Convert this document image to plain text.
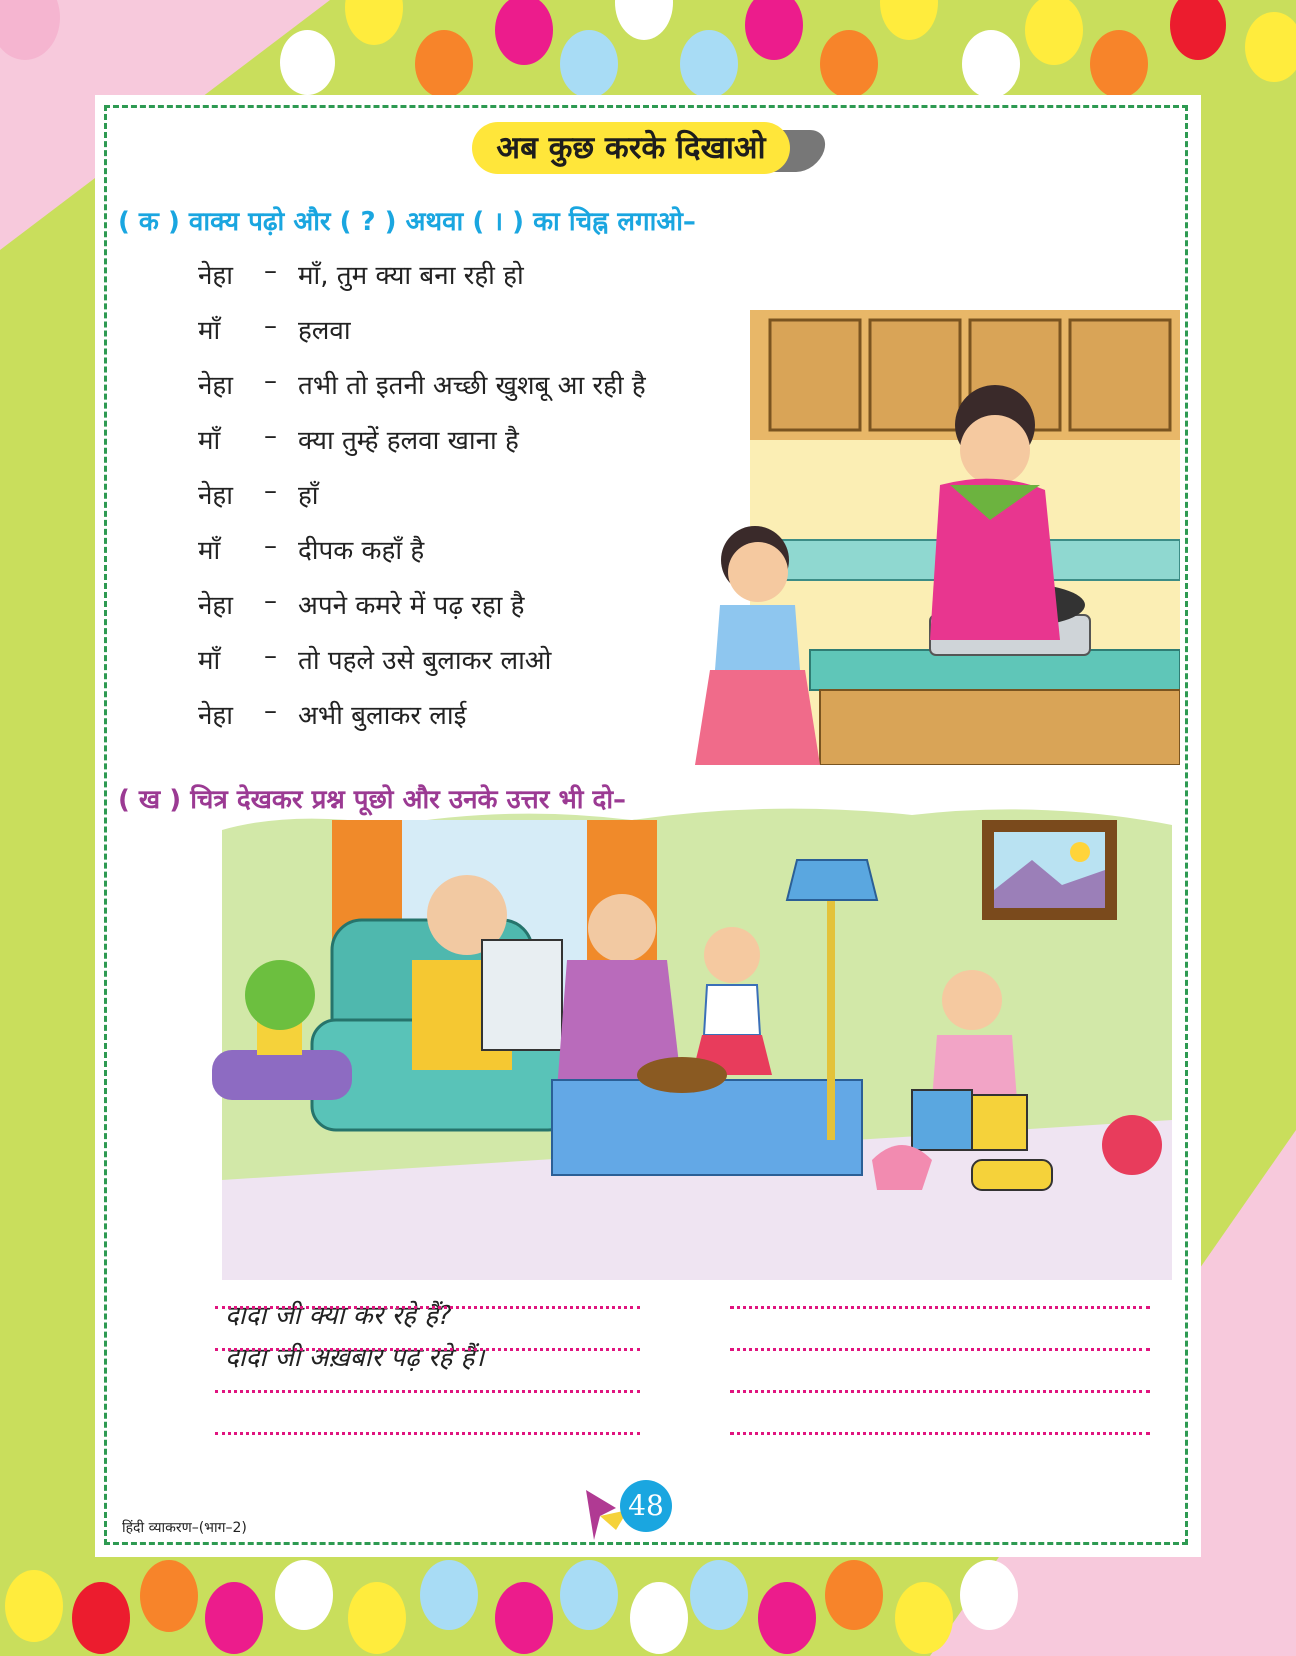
अब कुछ करके दिखाओ
( क ) वाक्य पढ़ो और ( ? ) अथवा ( । ) का चिह्न लगाओ–
नेहा – माँ, तुम क्या बना रही हो
माँ – हलवा
नेहा – तभी तो इतनी अच्छी खुशबू आ रही है
माँ – क्या तुम्हें हलवा खाना है
नेहा – हाँ
माँ – दीपक कहाँ है
नेहा – अपने कमरे में पढ़ रहा है
माँ – तो पहले उसे बुलाकर लाओ
नेहा – अभी बुलाकर लाई
( ख ) चित्र देखकर प्रश्न पूछो और उनके उत्तर भी दो–
दादा जी क्या कर रहे हैं?
दादा जी अख़बार पढ़ रहे हैं।
हिंदी व्याकरण–(भाग–2)
48
